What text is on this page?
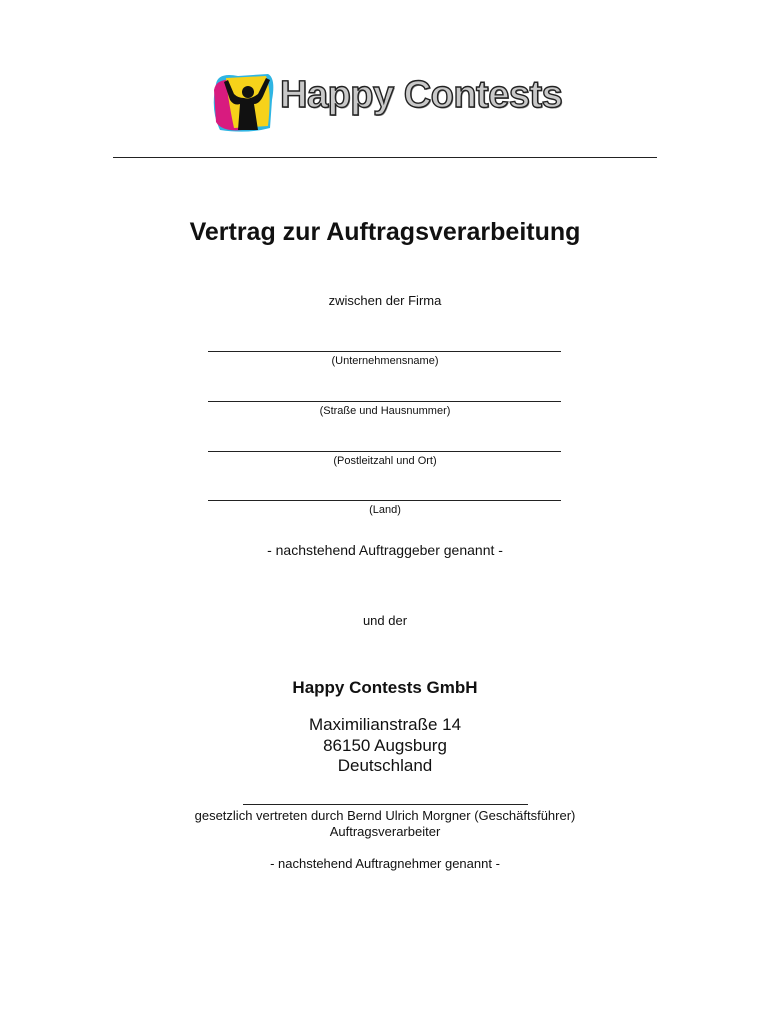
Happy Contests
Vertrag zur Auftragsverarbeitung
zwischen der Firma
(Unternehmensname)
(Straße und Hausnummer)
(Postleitzahl und Ort)
(Land)
- nachstehend Auftraggeber genannt -
und der
Happy Contests GmbH
Maximilianstraße 14
86150 Augsburg
Deutschland
gesetzlich vertreten durch Bernd Ulrich Morgner (Geschäftsführer)
Auftragsverarbeiter
- nachstehend Auftragnehmer genannt -
